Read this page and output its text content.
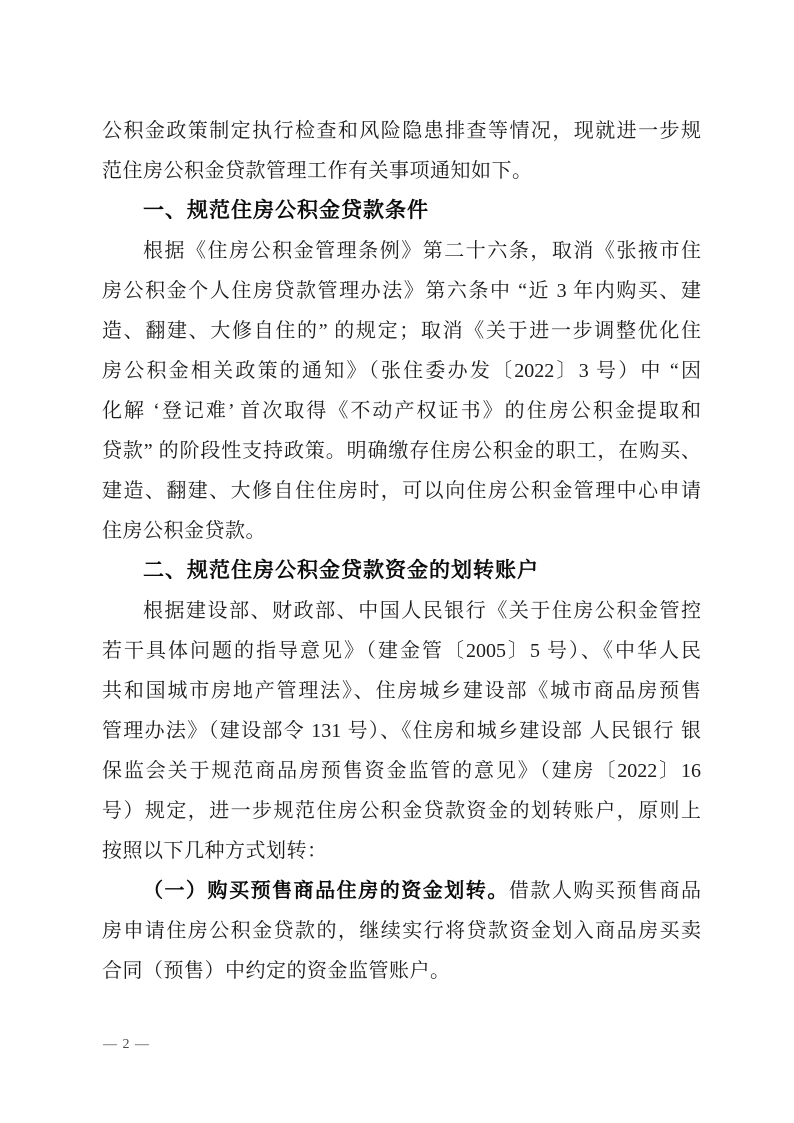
公积金政策制定执行检查和风险隐患排查等情况，现就进一步规
范住房公积金贷款管理工作有关事项通知如下。
一、规范住房公积金贷款条件
根据《住房公积金管理条例》第二十六条，取消《张掖市住
房公积金个人住房贷款管理办法》第六条中 “近 3 年内购买、建
造、翻建、大修自住的” 的规定；取消《关于进一步调整优化住
房公积金相关政策的通知》（张住委办发〔2022〕3 号）中 “因
化解 ‘登记难’ 首次取得《不动产权证书》的住房公积金提取和
贷款” 的阶段性支持政策。明确缴存住房公积金的职工，在购买、
建造、翻建、大修自住住房时，可以向住房公积金管理中心申请
住房公积金贷款。
二、规范住房公积金贷款资金的划转账户
根据建设部、财政部、中国人民银行《关于住房公积金管控
若干具体问题的指导意见》（建金管〔2005〕5 号）、《中华人民
共和国城市房地产管理法》、住房城乡建设部《城市商品房预售
管理办法》（建设部令 131 号）、《住房和城乡建设部 人民银行 银
保监会关于规范商品房预售资金监管的意见》（建房〔2022〕16
号）规定，进一步规范住房公积金贷款资金的划转账户，原则上
按照以下几种方式划转：
（一）购买预售商品住房的资金划转。借款人购买预售商品
房申请住房公积金贷款的，继续实行将贷款资金划入商品房买卖
合同（预售）中约定的资金监管账户。
— 2 —
